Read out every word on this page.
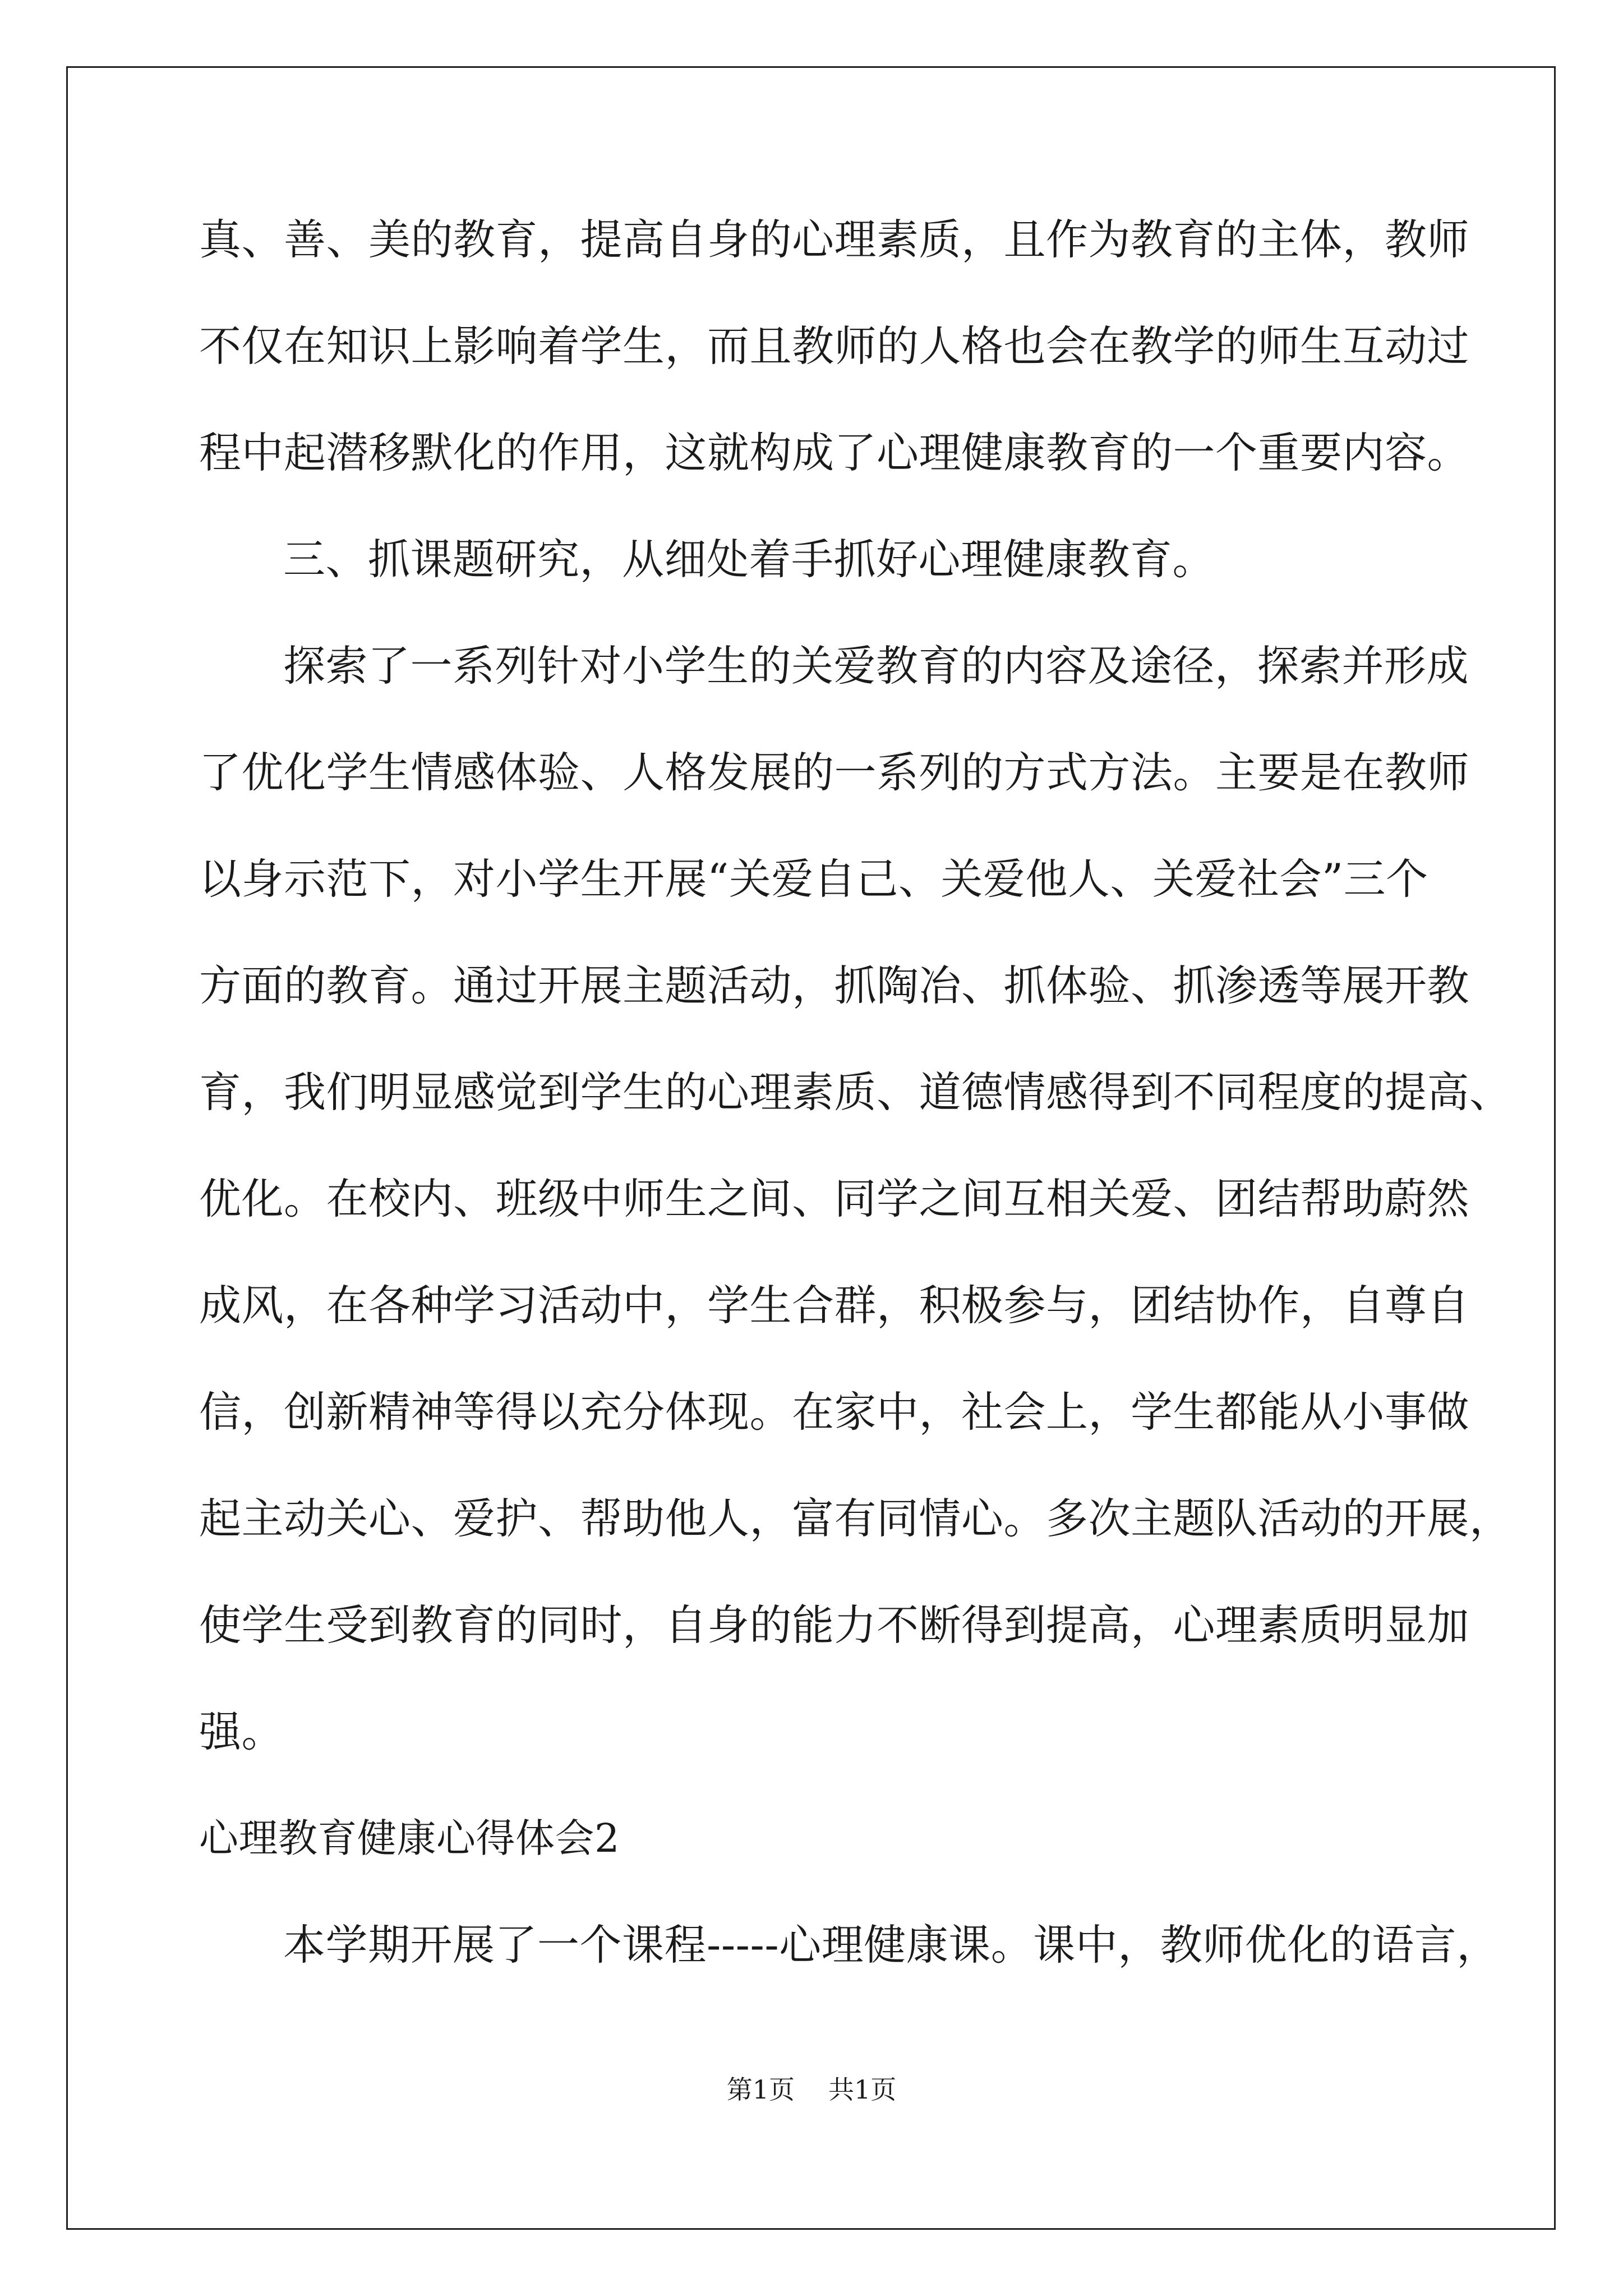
真、善、美的教育，提高自身的心理素质，且作为教育的主体，教师
不仅在知识上影响着学生，而且教师的人格也会在教学的师生互动过
程中起潜移默化的作用，这就构成了心理健康教育的一个重要内容。
三、抓课题研究，从细处着手抓好心理健康教育。
探索了一系列针对小学生的关爱教育的内容及途径，探索并形成
了优化学生情感体验、人格发展的一系列的方式方法。主要是在教师
以身示范下，对小学生开展“关爱自己、关爱他人、关爱社会”三个
方面的教育。通过开展主题活动，抓陶冶、抓体验、抓渗透等展开教
育，我们明显感觉到学生的心理素质、道德情感得到不同程度的提高、
优化。在校内、班级中师生之间、同学之间互相关爱、团结帮助蔚然
成风，在各种学习活动中，学生合群，积极参与，团结协作，自尊自
信，创新精神等得以充分体现。在家中，社会上，学生都能从小事做
起主动关心、爱护、帮助他人，富有同情心。多次主题队活动的开展，
使学生受到教育的同时，自身的能力不断得到提高，心理素质明显加
强。
心理教育健康心得体会2
本学期开展了一个课程-----心理健康课。课中，教师优化的语言，
第1页 共1页
